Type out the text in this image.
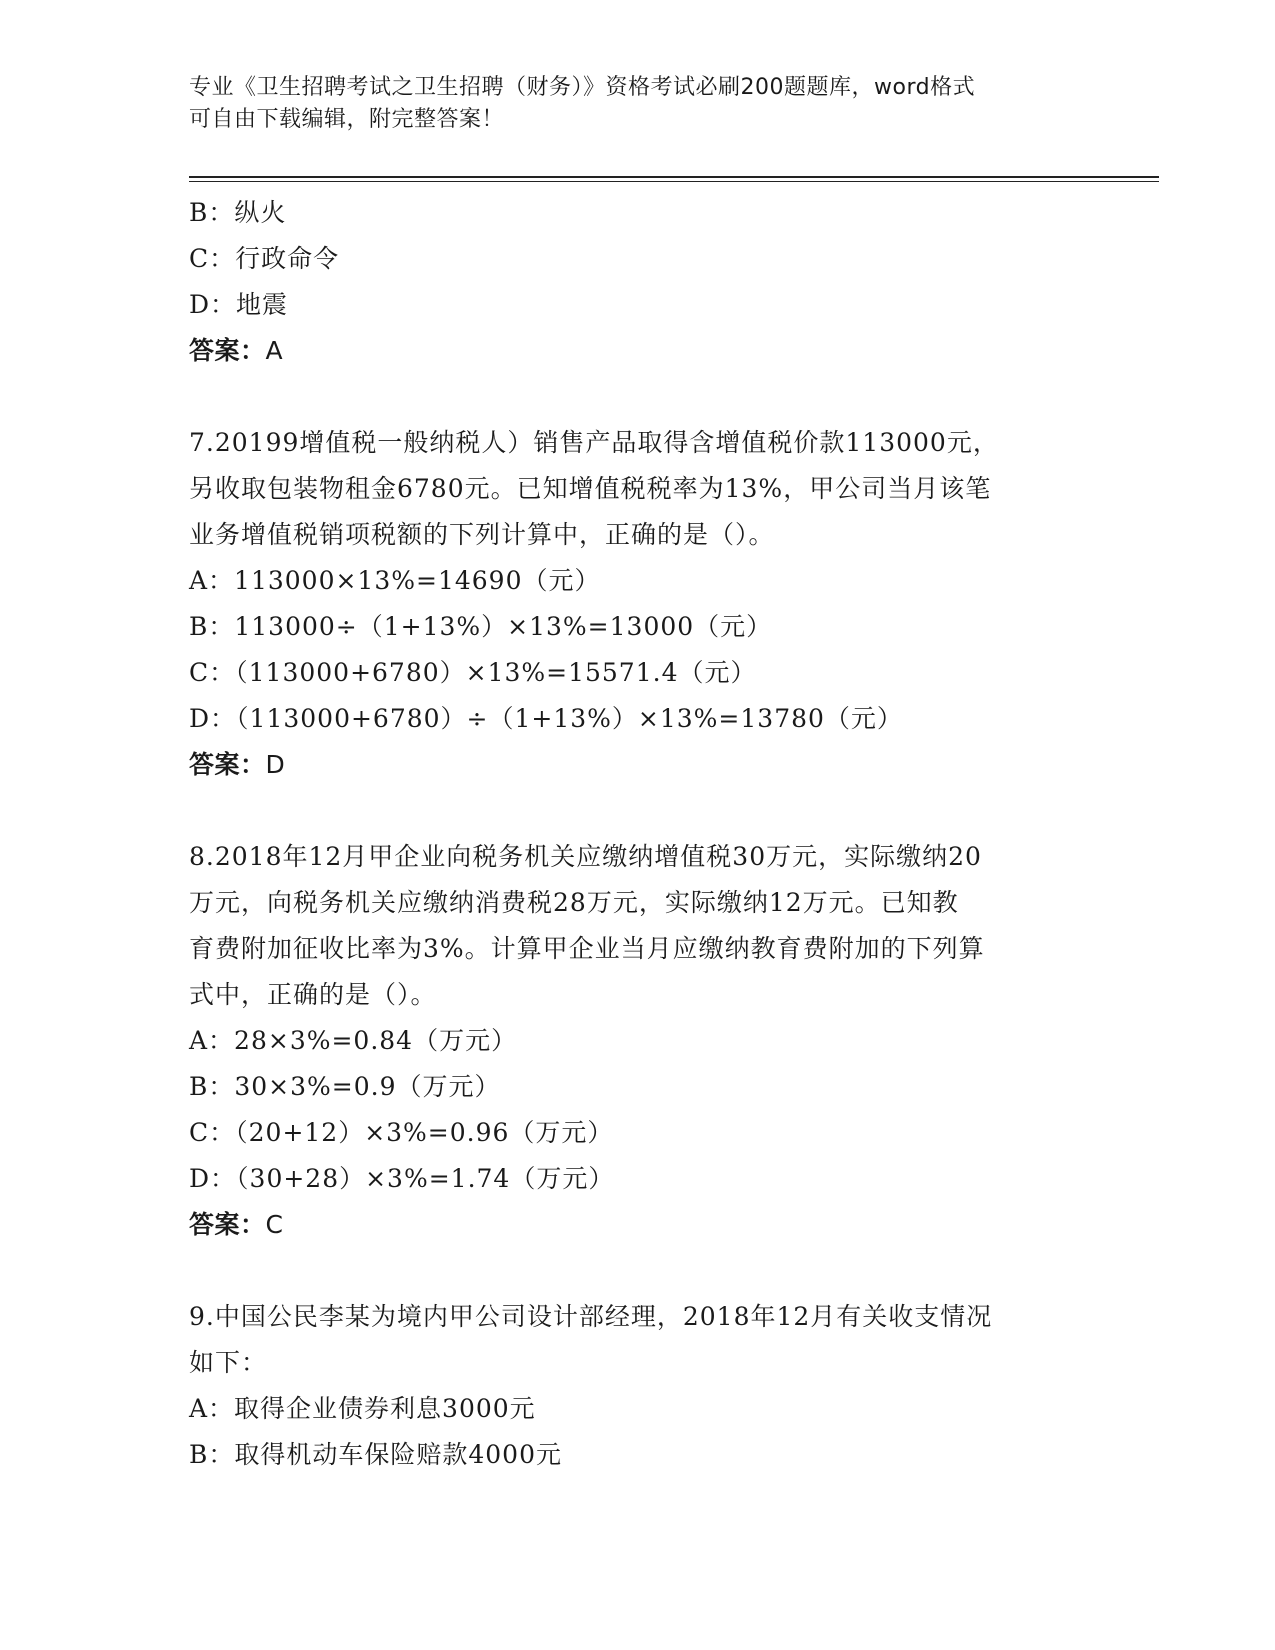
专业《卫生招聘考试之卫生招聘（财务）》资格考试必刷200题题库，word格式
可自由下载编辑，附完整答案！
B：纵火
C：行政命令
D：地震
答案：A
7.20199增值税一般纳税人）销售产品取得含增值税价款113000元，
另收取包装物租金6780元。已知增值税税率为13%，甲公司当月该笔
业务增值税销项税额的下列计算中，正确的是（）。
A：113000×13%=14690（元）
B：113000÷（1+13%）×13%=13000（元）
C：（113000+6780）×13%=15571.4（元）
D：（113000+6780）÷（1+13%）×13%=13780（元）
答案：D
8.2018年12月甲企业向税务机关应缴纳增值税30万元，实际缴纳20
万元，向税务机关应缴纳消费税28万元，实际缴纳12万元。已知教
育费附加征收比率为3%。计算甲企业当月应缴纳教育费附加的下列算
式中，正确的是（）。
A：28×3%=0.84（万元）
B：30×3%=0.9（万元）
C：（20+12）×3%=0.96（万元）
D：（30+28）×3%=1.74（万元）
答案：C
9.中国公民李某为境内甲公司设计部经理，2018年12月有关收支情况
如下：
A：取得企业债券利息3000元
B：取得机动车保险赔款4000元
